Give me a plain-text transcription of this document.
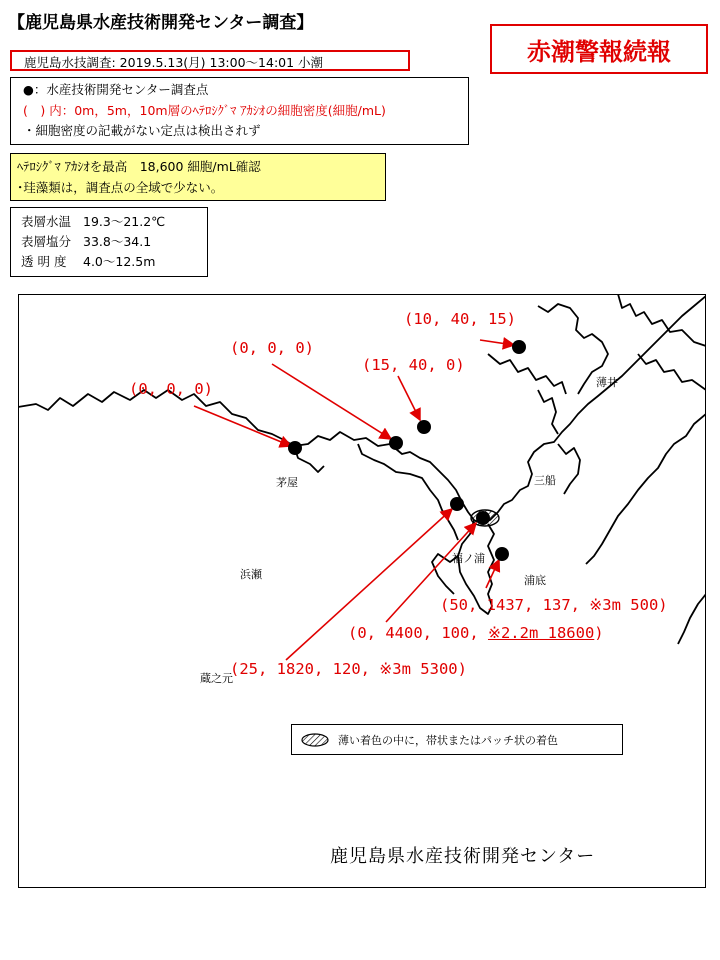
【鹿児島県水産技術開発センター調査】
赤潮警報続報
鹿児島水技調査: 2019.5.13(月) 13:00〜14:01 小潮
●：水産技術開発センター調査点
(　) 内：0m，5m，10m層のﾍﾃﾛｼｸﾞﾏ ｱｶｼｵの細胞密度(細胞/mL)
・細胞密度の記載がない定点は検出されず
ﾍﾃﾛｼｸﾞﾏ ｱｶｼｵを最高　18,600 細胞/mL確認
･珪藻類は，調査点の全域で少ない。
表層水温 19.3〜21.2℃
表層塩分 33.8〜34.1
透 明 度 4.0〜12.5m
茅屋
浜瀬
蔵之元
福ノ浦
浦底
三船
薄井
(0, 0, 0)
(0, 0, 0)
(15, 40, 0)
(10, 40, 15)
(25, 1820, 120, ※3m 5300)
(0, 4400, 100, ※2.2m 18600)
(50, 1437, 137, ※3m 500)
薄い着色の中に，帯状またはパッチ状の着色
鹿児島県水産技術開発センター
